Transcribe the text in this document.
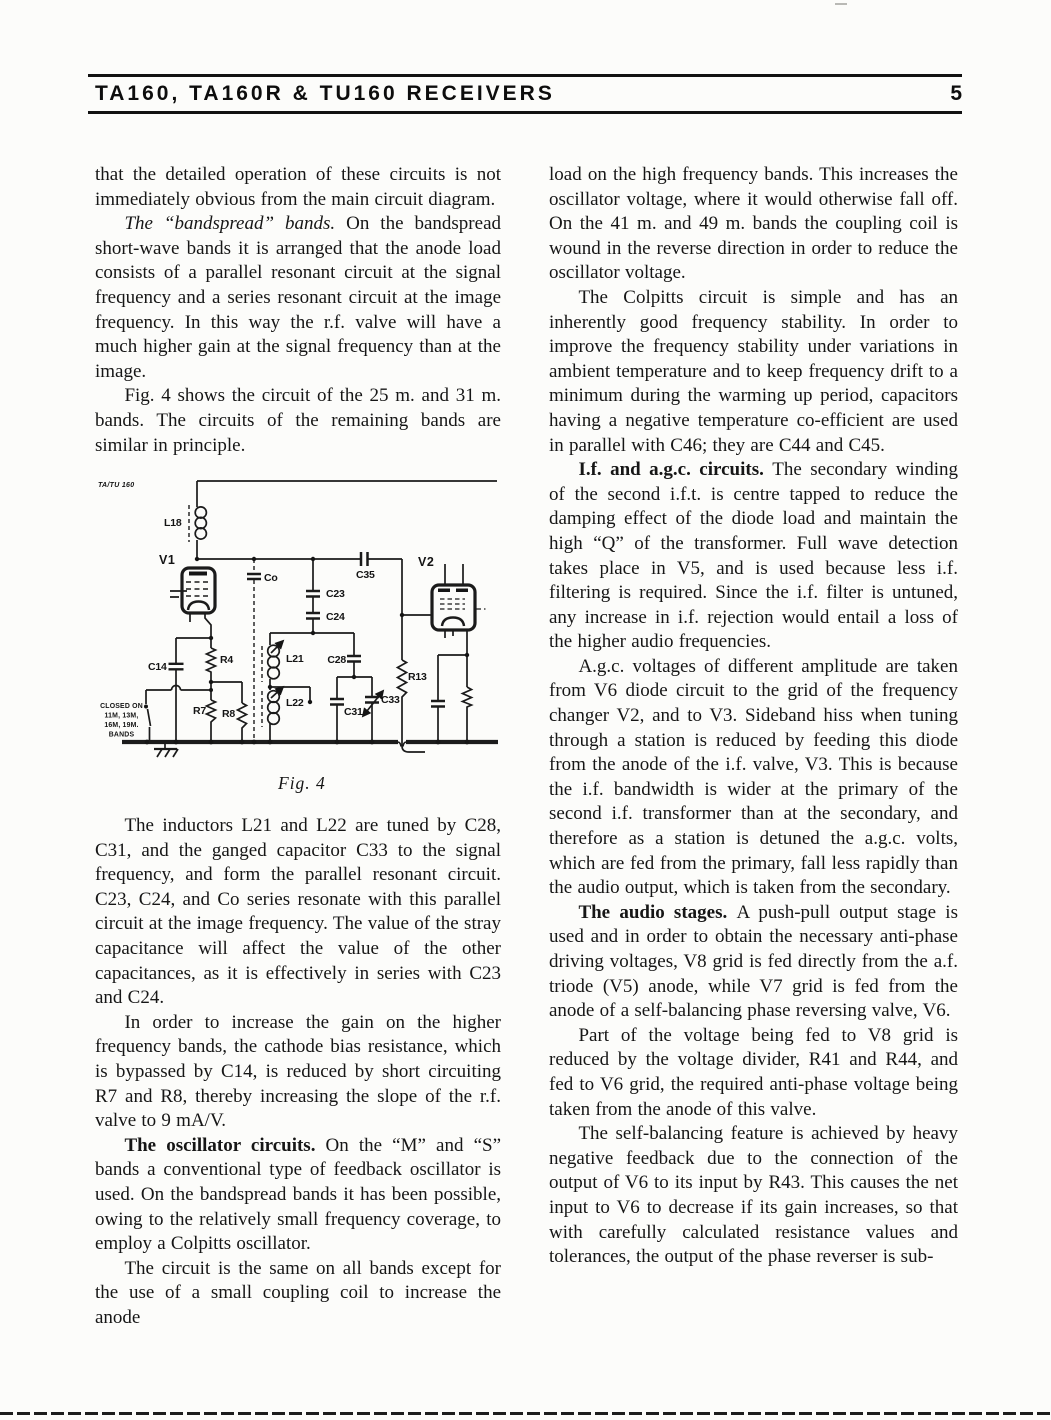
TA160, TA160R & TU160 RECEIVERS	5

that the detailed operation of these circuits is not immediately obvious from the main circuit diagram.

The “bandspread” bands. On the bandspread short-wave bands it is arranged that the anode load consists of a parallel resonant circuit at the signal frequency and a series resonant circuit at the image frequency. In this way the r.f. valve will have a much higher gain at the signal frequency than at the image.

Fig. 4 shows the circuit of the 25 m. and 31 m. bands. The circuits of the remaining bands are similar in principle.

The inductors L21 and L22 are tuned by C28, C31, and the ganged capacitor C33 to the signal frequency, and form the parallel resonant circuit. C23, C24, and Co series resonate with this parallel circuit at the image frequency. The value of the stray capacitance will affect the value of the other capacitances, as it is effectively in series with C23 and C24.

In order to increase the gain on the higher frequency bands, the cathode bias resistance, which is bypassed by C14, is reduced by short circuiting R7 and R8, thereby increasing the slope of the r.f. valve to 9 mA/V.

The oscillator circuits. On the “M” and “S” bands a conventional type of feedback oscillator is used. On the bandspread bands it has been possible, owing to the relatively small frequency coverage, to employ a Colpitts oscillator.

The circuit is the same on all bands except for the use of a small coupling coil to increase the anode

load on the high frequency bands. This increases the oscillator voltage, where it would otherwise fall off. On the 41 m. and 49 m. bands the coupling coil is wound in the reverse direction in order to reduce the oscillator voltage.

The Colpitts circuit is simple and has an inherently good frequency stability. In order to improve the frequency stability under variations in ambient temperature and to keep frequency drift to a minimum during the warming up period, capacitors having a negative temperature co-efficient are used in parallel with C46; they are C44 and C45.

I.f. and a.g.c. circuits. The secondary winding of the second i.f.t. is centre tapped to reduce the damping effect of the diode load and maintain the high “Q” of the transformer. Full wave detection takes place in V5, and is used because less i.f. filtering is required. Since the i.f. filter is untuned, any increase in i.f. rejection would entail a loss of the higher audio frequencies.

A.g.c. voltages of different amplitude are taken from V6 diode circuit to the grid of the frequency changer V2, and to V3. Sideband hiss when tuning through a station is reduced by feeding this diode from the anode of the i.f. valve, V3. This is because the i.f. bandwidth is wider at the primary of the second i.f. transformer than at the secondary, and therefore as a station is detuned the a.g.c. volts, which are fed from the primary, fall less rapidly than the audio output, which is taken from the secondary.

The audio stages. A push-pull output stage is used and in order to obtain the necessary anti-phase driving voltages, V8 grid is fed directly from the a.f. triode (V5) anode, while V7 grid is fed from the anode of a self-balancing phase reversing valve, V6.

Part of the voltage being fed to V8 grid is reduced by the voltage divider, R41 and R44, and fed to V6 grid, the required anti-phase voltage being taken from the anode of this valve.

The self-balancing feature is achieved by heavy negative feedback due to the connection of the output of V6 to its input by R43. This causes the net input to V6 to decrease if its gain increases, so that with carefully calculated resistance values and tolerances, the output of the phase reverser is sub-

TA/TU 160
L18
V1	V2
Co
C23
C24
C35
C28
L21
L22
C31
C33
C14
R4
R7 R8
R13
CLOSED ON
11M, 13M,
16M, 19M.
BANDS
Fig. 4
